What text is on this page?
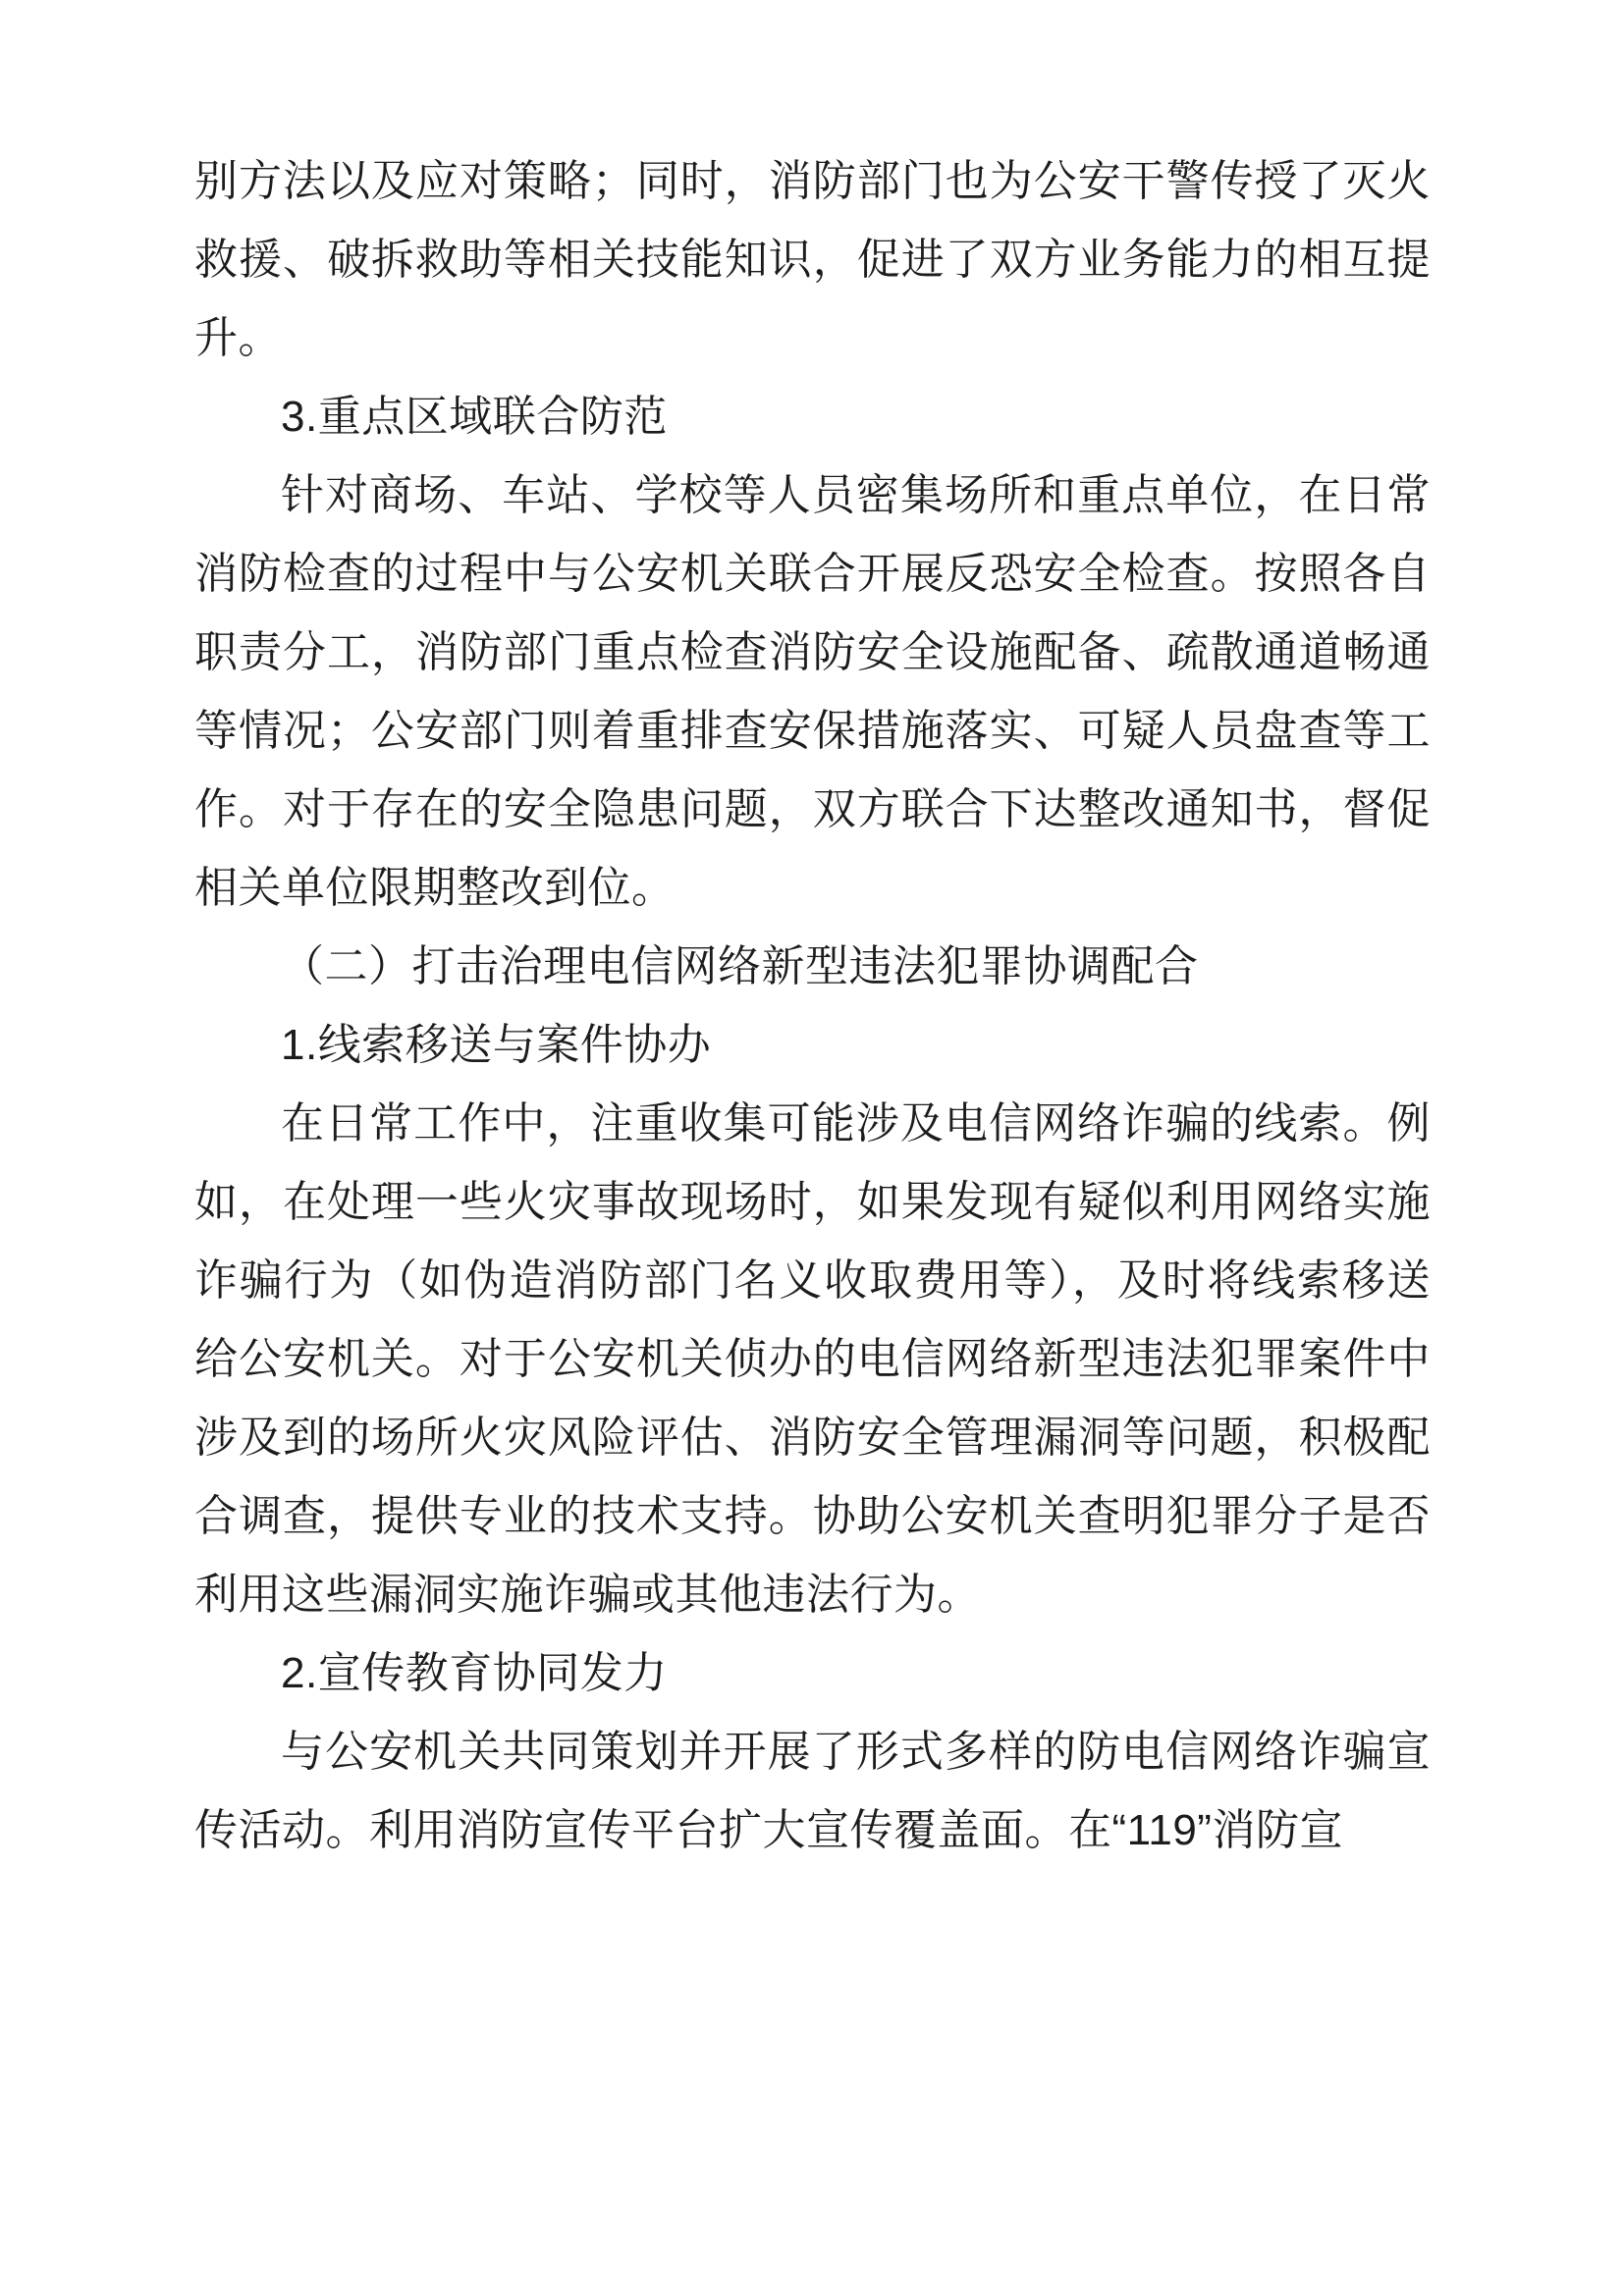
别方法以及应对策略；同时，消防部门也为公安干警传授了灭火救援、破拆救助等相关技能知识，促进了双方业务能力的相互提升。

3.重点区域联合防范

针对商场、车站、学校等人员密集场所和重点单位，在日常消防检查的过程中与公安机关联合开展反恐安全检查。按照各自职责分工，消防部门重点检查消防安全设施配备、疏散通道畅通等情况；公安部门则着重排查安保措施落实、可疑人员盘查等工作。对于存在的安全隐患问题，双方联合下达整改通知书，督促相关单位限期整改到位。

（二）打击治理电信网络新型违法犯罪协调配合

1.线索移送与案件协办

在日常工作中，注重收集可能涉及电信网络诈骗的线索。例如，在处理一些火灾事故现场时，如果发现有疑似利用网络实施诈骗行为（如伪造消防部门名义收取费用等），及时将线索移送给公安机关。对于公安机关侦办的电信网络新型违法犯罪案件中涉及到的场所火灾风险评估、消防安全管理漏洞等问题，积极配合调查，提供专业的技术支持。协助公安机关查明犯罪分子是否利用这些漏洞实施诈骗或其他违法行为。

2.宣传教育协同发力

与公安机关共同策划并开展了形式多样的防电信网络诈骗宣传活动。利用消防宣传平台扩大宣传覆盖面。在“119”消防宣
